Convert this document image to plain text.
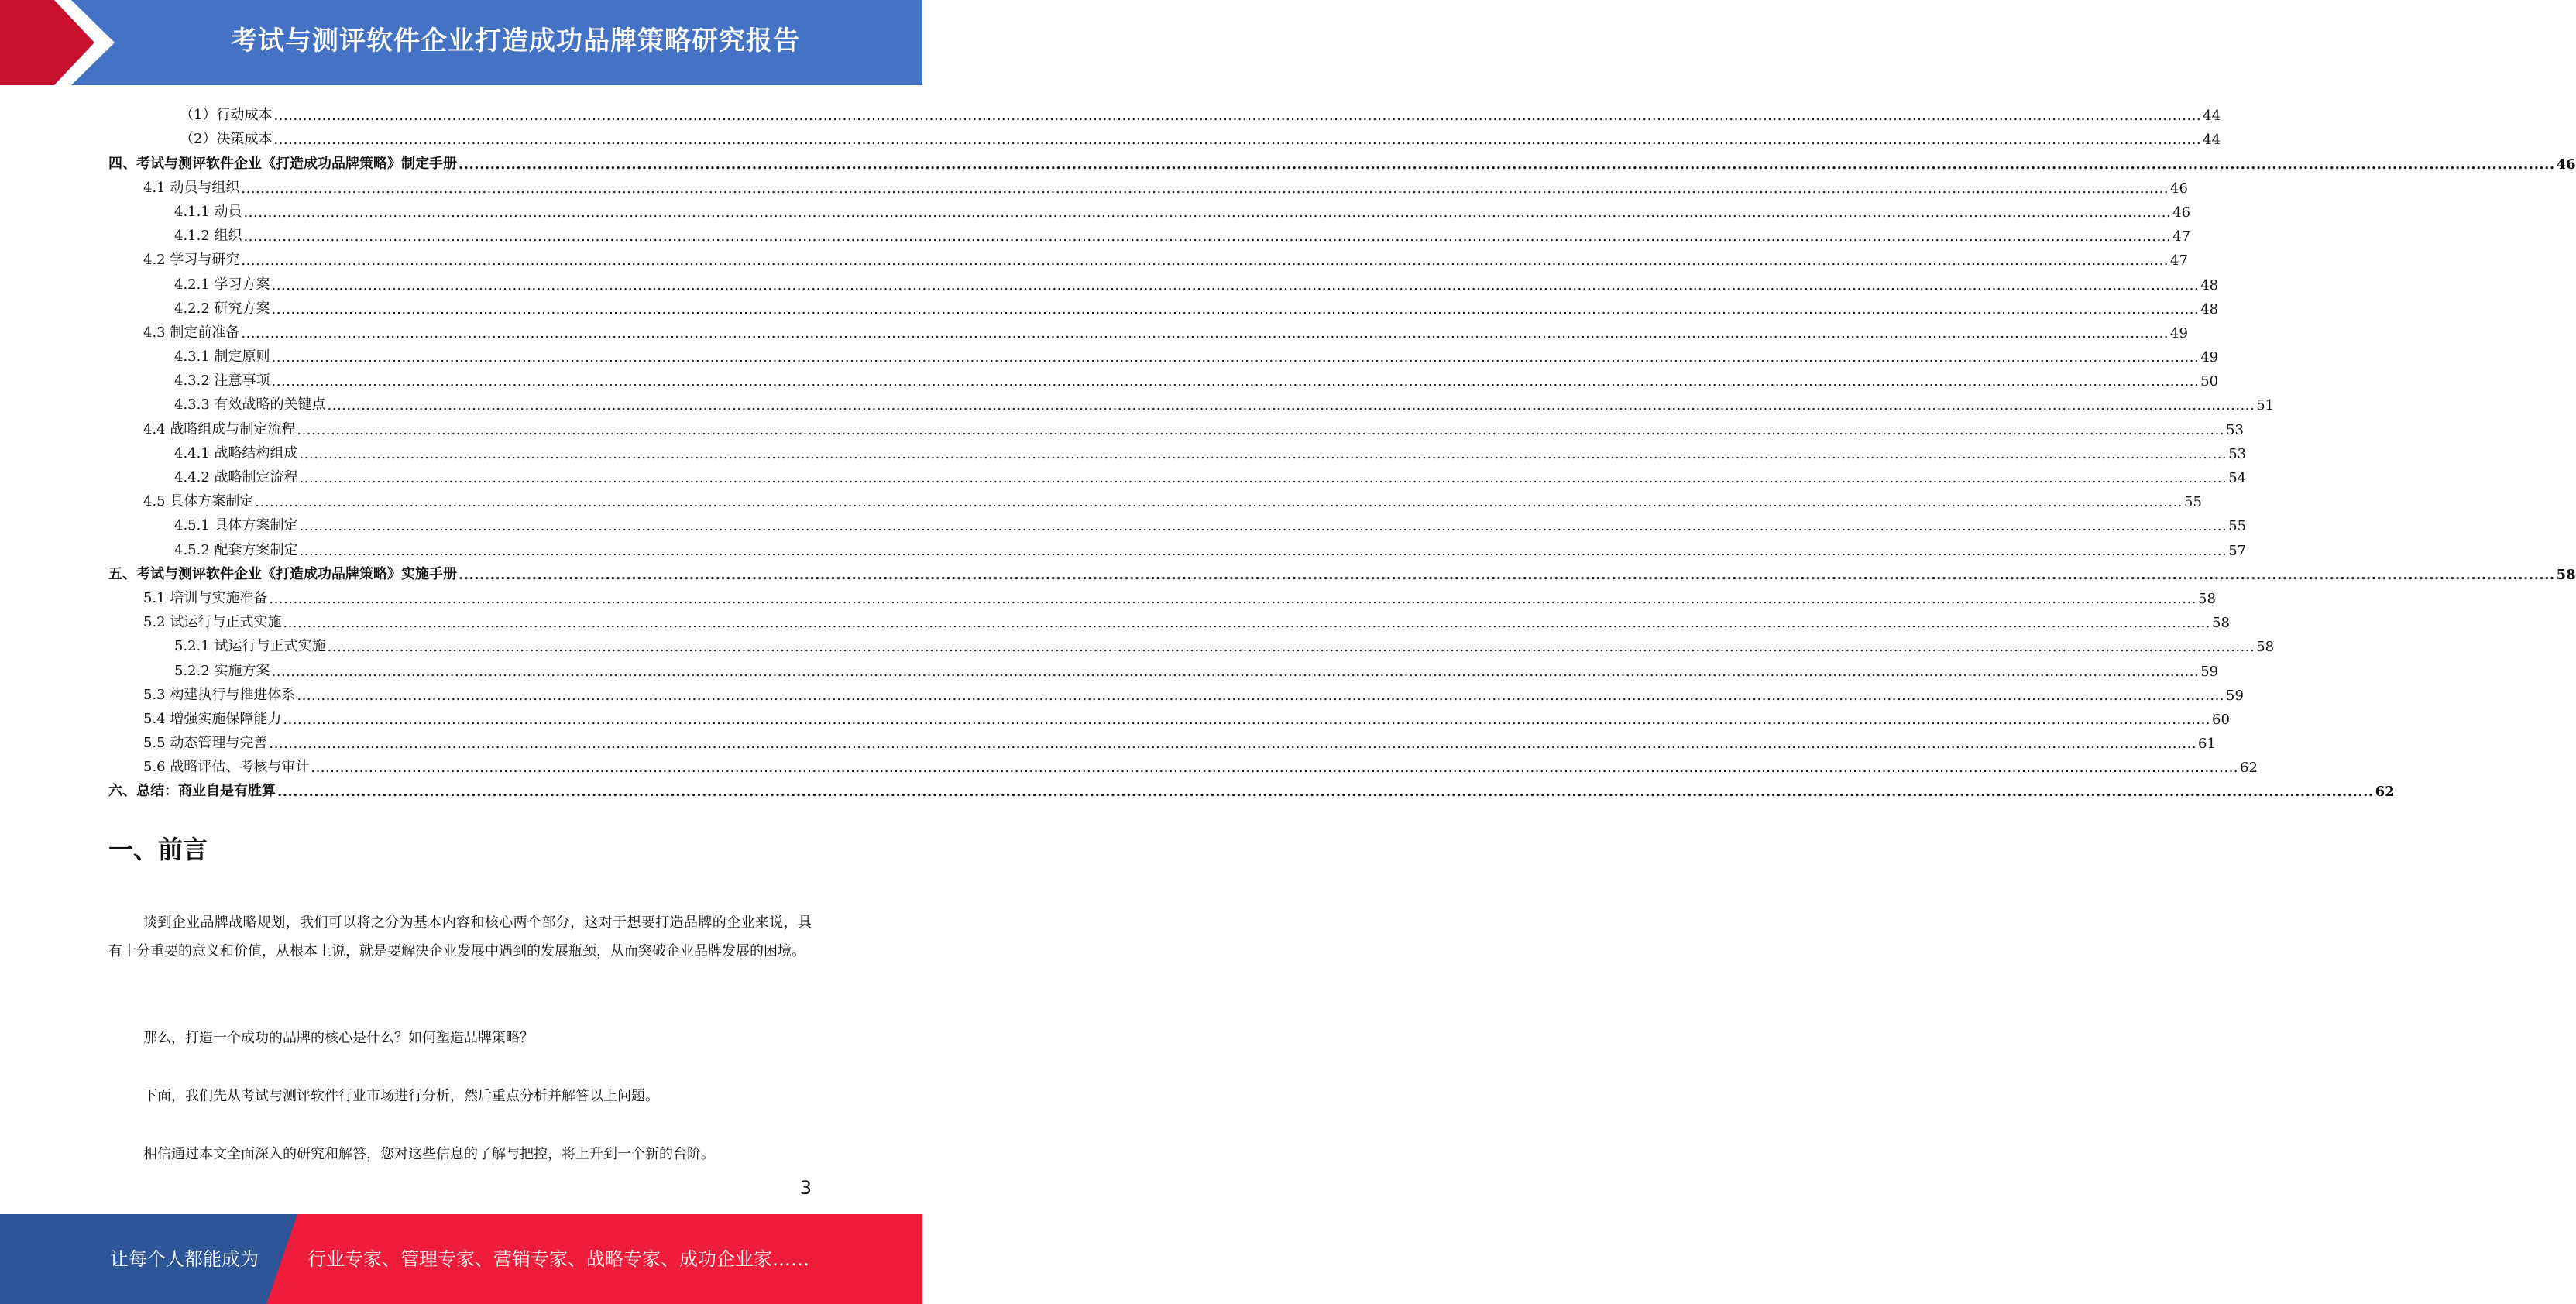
考试与测评软件企业打造成功品牌策略研究报告
（1）行动成本 ................................................................................................................................................................................................................................................................................................................................................................................................................ 44
（2）决策成本 ................................................................................................................................................................................................................................................................................................................................................................................................................ 44
四、考试与测评软件企业《打造成功品牌策略》制定手册 ................................................................................................................................................................................................................................................................................................................................................................................................................ 46
4.1 动员与组织 ................................................................................................................................................................................................................................................................................................................................................................................................................ 46
4.1.1 动员 ................................................................................................................................................................................................................................................................................................................................................................................................................ 46
4.1.2 组织 ................................................................................................................................................................................................................................................................................................................................................................................................................ 47
4.2 学习与研究 ................................................................................................................................................................................................................................................................................................................................................................................................................ 47
4.2.1 学习方案 ................................................................................................................................................................................................................................................................................................................................................................................................................ 48
4.2.2 研究方案 ................................................................................................................................................................................................................................................................................................................................................................................................................ 48
4.3 制定前准备 ................................................................................................................................................................................................................................................................................................................................................................................................................ 49
4.3.1 制定原则 ................................................................................................................................................................................................................................................................................................................................................................................................................ 49
4.3.2 注意事项 ................................................................................................................................................................................................................................................................................................................................................................................................................ 50
4.3.3 有效战略的关键点 ................................................................................................................................................................................................................................................................................................................................................................................................................ 51
4.4 战略组成与制定流程 ................................................................................................................................................................................................................................................................................................................................................................................................................ 53
4.4.1 战略结构组成 ................................................................................................................................................................................................................................................................................................................................................................................................................ 53
4.4.2 战略制定流程 ................................................................................................................................................................................................................................................................................................................................................................................................................ 54
4.5 具体方案制定 ................................................................................................................................................................................................................................................................................................................................................................................................................ 55
4.5.1 具体方案制定 ................................................................................................................................................................................................................................................................................................................................................................................................................ 55
4.5.2 配套方案制定 ................................................................................................................................................................................................................................................................................................................................................................................................................ 57
五、考试与测评软件企业《打造成功品牌策略》实施手册 ................................................................................................................................................................................................................................................................................................................................................................................................................ 58
5.1 培训与实施准备 ................................................................................................................................................................................................................................................................................................................................................................................................................ 58
5.2 试运行与正式实施 ................................................................................................................................................................................................................................................................................................................................................................................................................ 58
5.2.1 试运行与正式实施 ................................................................................................................................................................................................................................................................................................................................................................................................................ 58
5.2.2 实施方案 ................................................................................................................................................................................................................................................................................................................................................................................................................ 59
5.3 构建执行与推进体系 ................................................................................................................................................................................................................................................................................................................................................................................................................ 59
5.4 增强实施保障能力 ................................................................................................................................................................................................................................................................................................................................................................................................................ 60
5.5 动态管理与完善 ................................................................................................................................................................................................................................................................................................................................................................................................................ 61
5.6 战略评估、考核与审计 ................................................................................................................................................................................................................................................................................................................................................................................................................ 62
六、总结：商业自是有胜算 ................................................................................................................................................................................................................................................................................................................................................................................................................ 62
一、前言

谈到企业品牌战略规划，我们可以将之分为基本内容和核心两个部分，这对于想要打造品牌的企业来说，具有十分重要的意义和价值，从根本上说，就是要解决企业发展中遇到的发展瓶颈，从而突破企业品牌发展的困境。

那么，打造一个成功的品牌的核心是什么？如何塑造品牌策略？

下面，我们先从考试与测评软件行业市场进行分析，然后重点分析并解答以上问题。

相信通过本文全面深入的研究和解答，您对这些信息的了解与把控，将上升到一个新的台阶。

3
让每个人都能成为	行业专家、管理专家、营销专家、战略专家、成功企业家……
